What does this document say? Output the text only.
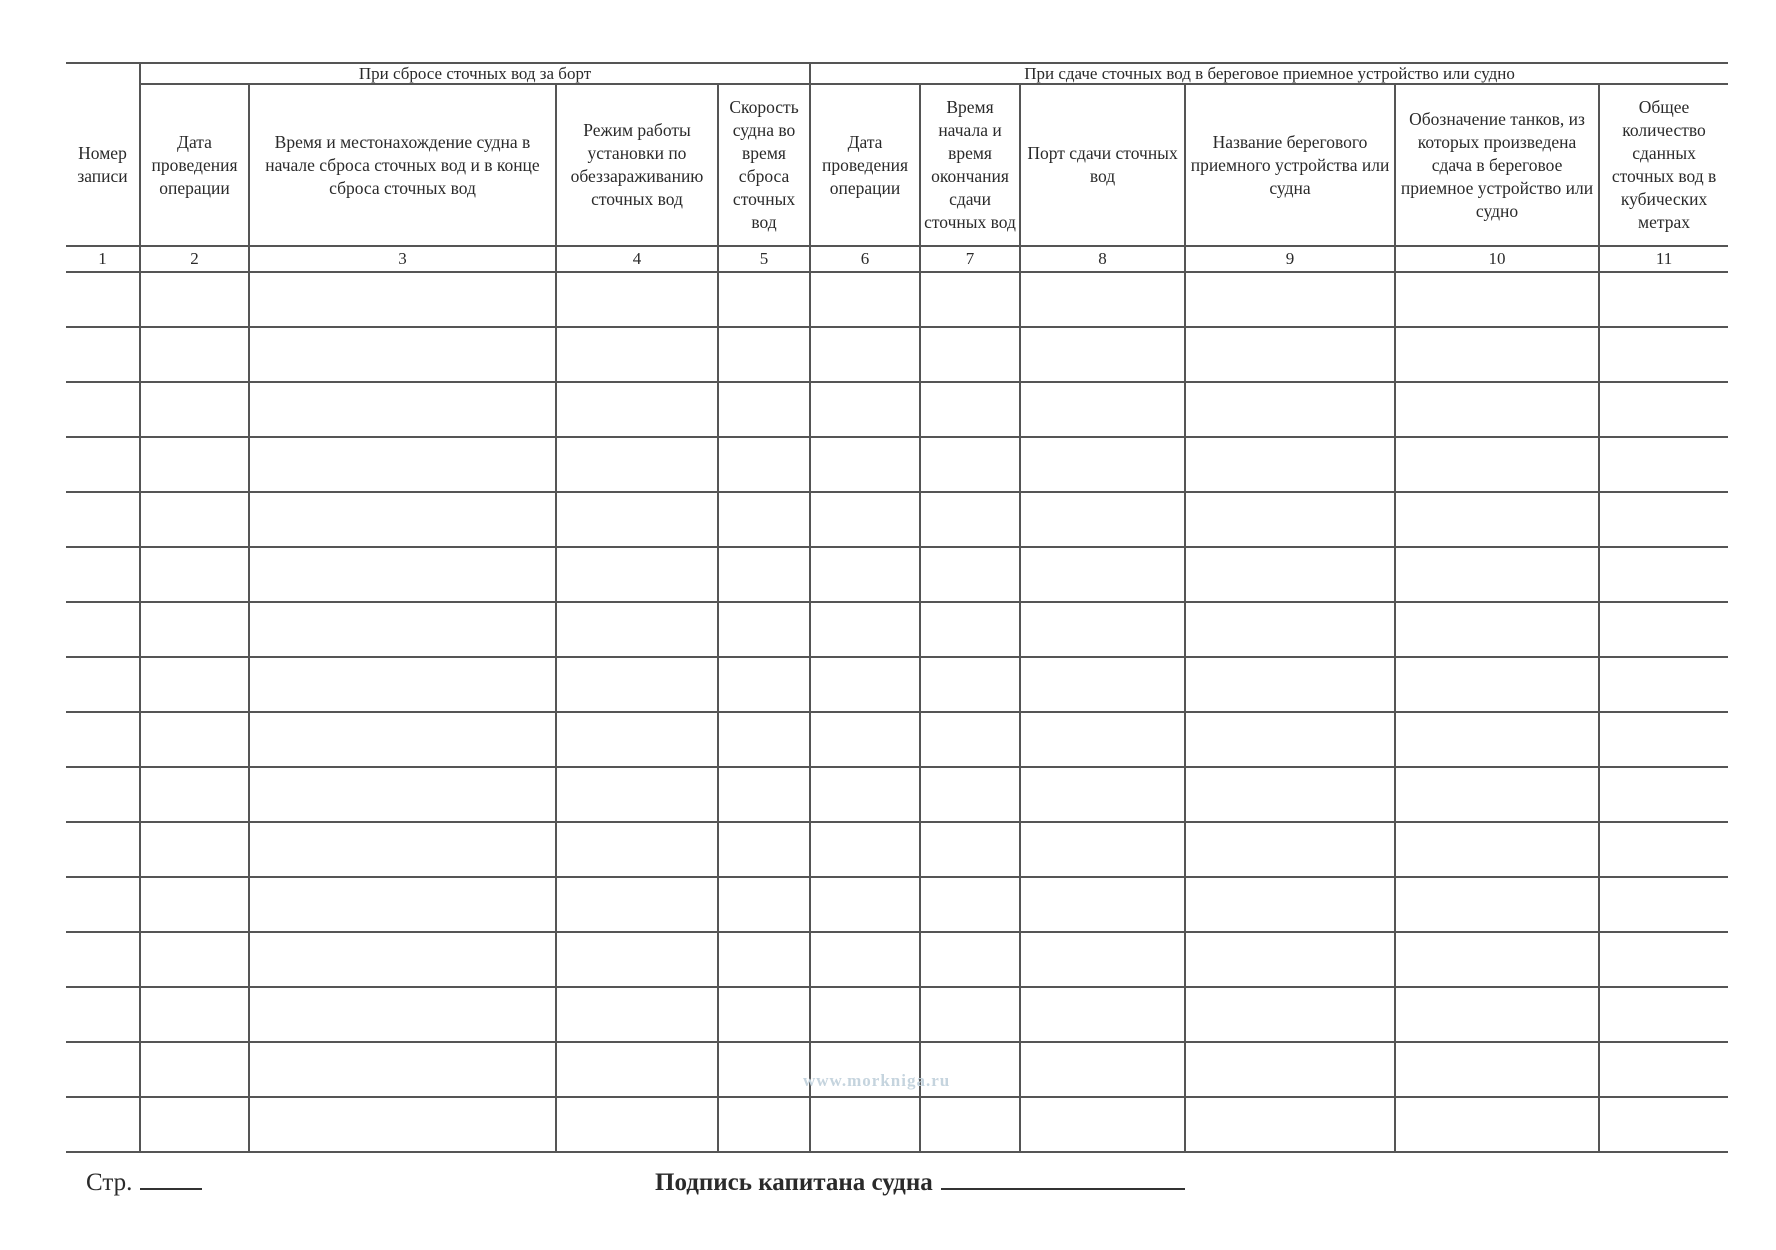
	При сбросе сточных вод за борт				При сдаче сточных вод в береговое приемное устройство или судно					
Номер записи	Дата проведения операции	Время и местонахождение судна в начале сброса сточных вод и в конце сброса сточных вод	Режим работы установки по обеззараживанию сточных вод	Скорость судна во время сброса сточных вод	Дата проведения операции	Время начала и время окончания сдачи сточных вод	Порт сдачи сточных вод	Название берегового приемного устройства или судна	Обозначение танков, из которых произведена сдача в береговое приемное устройство или судно	Общее количество сданных сточных вод в кубических метрах
1	2	3	4	5	6	7	8	9	10	11

Стр.	Подпись капитана судна
www.morkniga.ru
